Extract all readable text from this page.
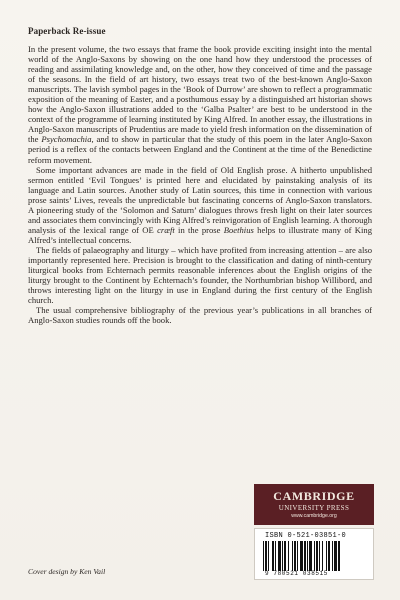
Paperback Re-issue

In the present volume, the two essays that frame the book provide exciting insight into the mental world of the Anglo-Saxons by showing on the one hand how they understood the processes of reading and assimilating knowledge and, on the other, how they conceived of time and the passage of the seasons. In the field of art history, two essays treat two of the best-known Anglo-Saxon manuscripts. The lavish symbol pages in the ‘Book of Durrow’ are shown to reflect a programmatic exposition of the meaning of Easter, and a posthumous essay by a distinguished art historian shows how the Anglo-Saxon illustrations added to the ‘Galba Psalter’ are best to be understood in the context of the programme of learning instituted by King Alfred. In another essay, the illustrations in Anglo-Saxon manuscripts of Prudentius are made to yield fresh information on the dissemination of the Psychomachia, and to show in particular that the study of this poem in the later Anglo-Saxon period is a reflex of the contacts between England and the Continent at the time of the Benedictine reform movement.

Some important advances are made in the field of Old English prose. A hitherto unpublished sermon entitled ‘Evil Tongues’ is printed here and elucidated by painstaking analysis of its language and Latin sources. Another study of Latin sources, this time in connection with various prose saints’ Lives, reveals the unpredictable but fascinating concerns of Anglo-Saxon translators. A pioneering study of the ‘Solomon and Saturn’ dialogues throws fresh light on their later sources and associates them convincingly with King Alfred’s reinvigoration of English learning. A thorough analysis of the lexical range of OE cræft in the prose Boethius helps to illustrate many of King Alfred’s intellectual concerns.

The fields of palaeography and liturgy – which have profited from increasing attention – are also importantly represented here. Precision is brought to the classification and dating of ninth-century liturgical books from Echternach permits reasonable inferences about the English origins of the liturgy brought to the Continent by Echternach’s founder, the Northumbrian bishop Willibord, and throws interesting light on the liturgy in use in England during the first century of the English church.

The usual comprehensive bibliography of the previous year’s publications in all branches of Anglo-Saxon studies rounds off the book.

CAMBRIDGE
UNIVERSITY PRESS
www.cambridge.org
ISBN 0-521-03851-0
9 780521 038515
Cover design by Ken Vail
